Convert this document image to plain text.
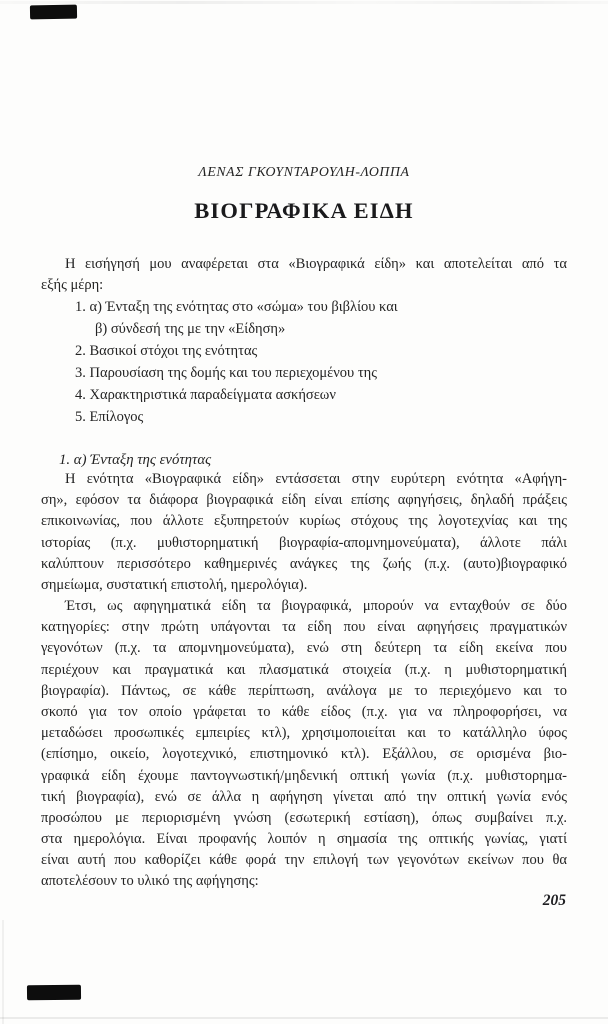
ΛΕΝΑΣ ΓΚΟΥΝΤΑΡΟΥΛΗ-ΛΟΠΠΑ
ΒΙΟΓΡΑΦΙΚΑ ΕΙΔΗ
Η εισήγησή μου αναφέρεται στα «Βιογραφικά είδη» και αποτελείται από τα
εξής μέρη:
1. α) Ένταξη της ενότητας στο «σώμα» του βιβλίου και
β) σύνδεσή της με την «Είδηση»
2. Βασικοί στόχοι της ενότητας
3. Παρουσίαση της δομής και του περιεχομένου της
4. Χαρακτηριστικά παραδείγματα ασκήσεων
5. Επίλογος
1. α) Ένταξη της ενότητας
Η ενότητα «Βιογραφικά είδη» εντάσσεται στην ευρύτερη ενότητα «Αφήγη-
ση», εφόσον τα διάφορα βιογραφικά είδη είναι επίσης αφηγήσεις, δηλαδή πράξεις
επικοινωνίας, που άλλοτε εξυπηρετούν κυρίως στόχους της λογοτεχνίας και της
ιστορίας (π.χ. μυθιστορηματική βιογραφία-απομνημονεύματα), άλλοτε πάλι
καλύπτουν περισσότερο καθημερινές ανάγκες της ζωής (π.χ. (αυτο)βιογραφικό
σημείωμα, συστατική επιστολή, ημερολόγια).
Έτσι, ως αφηγηματικά είδη τα βιογραφικά, μπορούν να ενταχθούν σε δύο
κατηγορίες: στην πρώτη υπάγονται τα είδη που είναι αφηγήσεις πραγματικών
γεγονότων (π.χ. τα απομνημονεύματα), ενώ στη δεύτερη τα είδη εκείνα που
περιέχουν και πραγματικά και πλασματικά στοιχεία (π.χ. η μυθιστορηματική
βιογραφία). Πάντως, σε κάθε περίπτωση, ανάλογα με το περιεχόμενο και το
σκοπό για τον οποίο γράφεται το κάθε είδος (π.χ. για να πληροφορήσει, να
μεταδώσει προσωπικές εμπειρίες κτλ), χρησιμοποιείται και το κατάλληλο ύφος
(επίσημο, οικείο, λογοτεχνικό, επιστημονικό κτλ). Εξάλλου, σε ορισμένα βιο-
γραφικά είδη έχουμε παντογνωστική/μηδενική οπτική γωνία (π.χ. μυθιστορημα-
τική βιογραφία), ενώ σε άλλα η αφήγηση γίνεται από την οπτική γωνία ενός
προσώπου με περιορισμένη γνώση (εσωτερική εστίαση), όπως συμβαίνει π.χ.
στα ημερολόγια. Είναι προφανής λοιπόν η σημασία της οπτικής γωνίας, γιατί
είναι αυτή που καθορίζει κάθε φορά την επιλογή των γεγονότων εκείνων που θα
αποτελέσουν το υλικό της αφήγησης:
205
